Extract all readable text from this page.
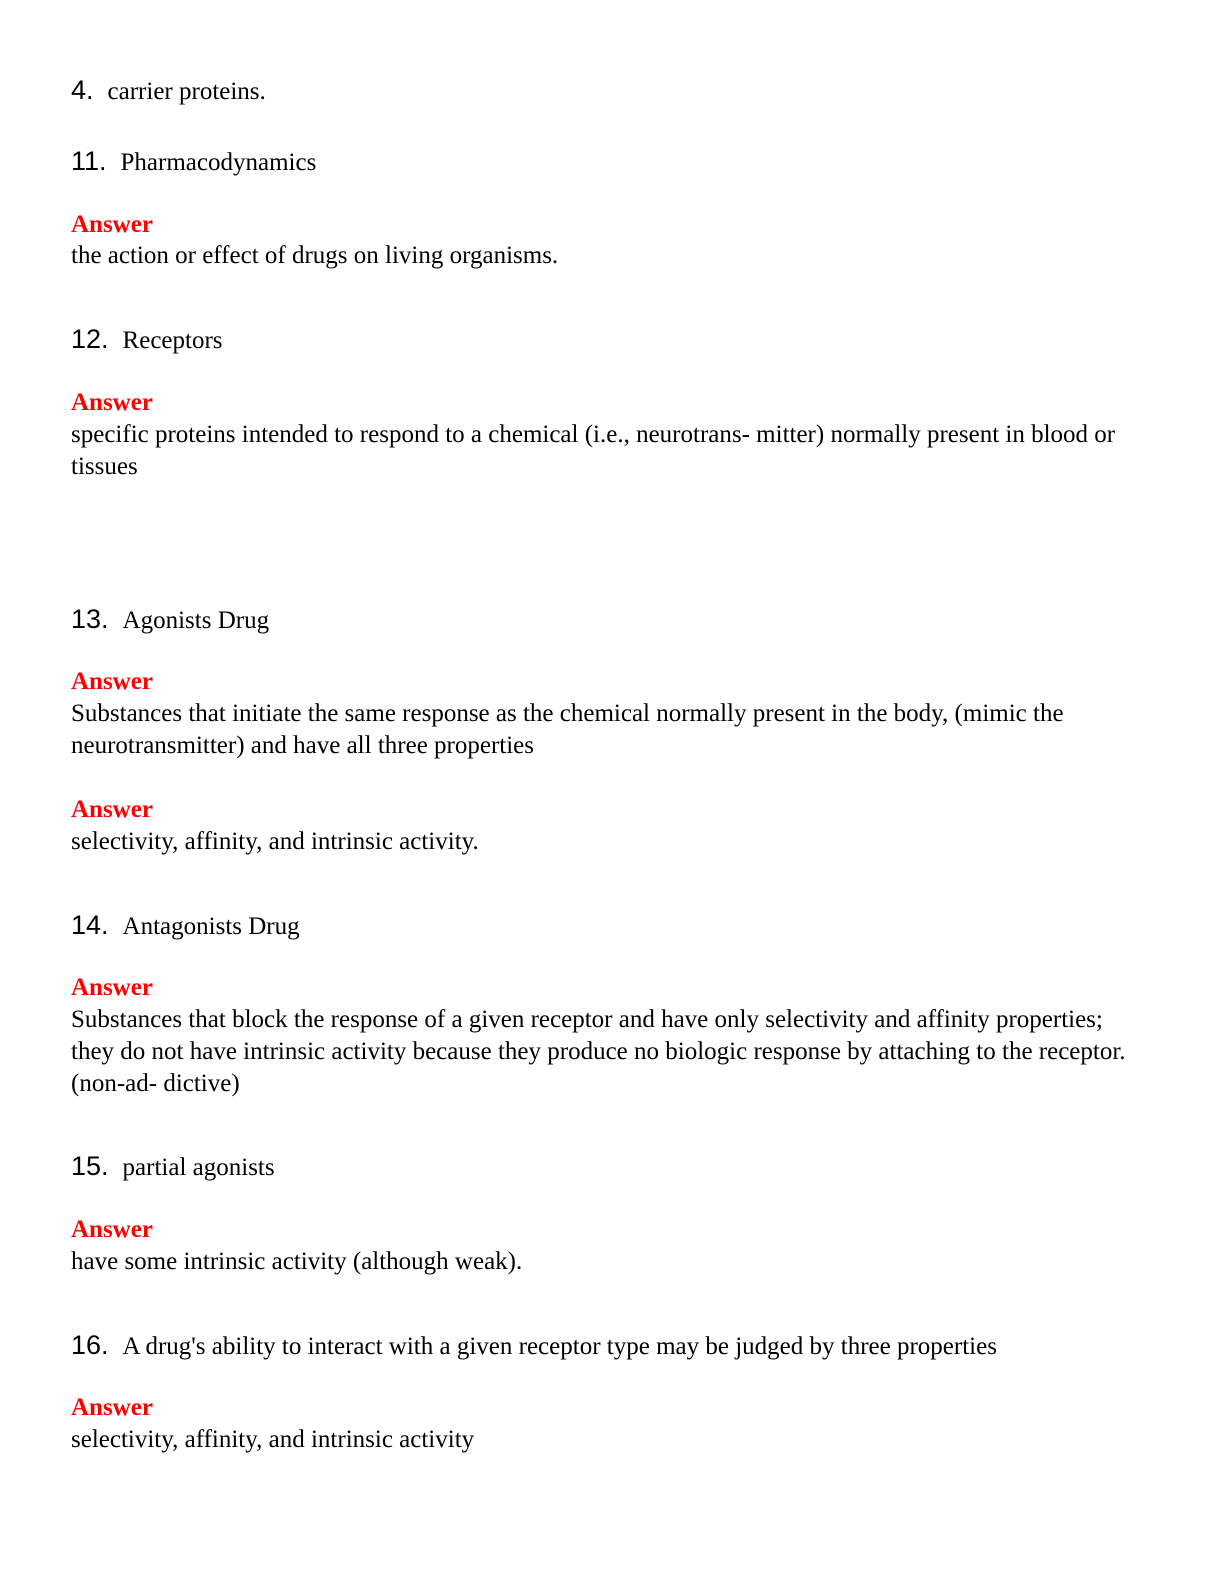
4. carrier proteins.
11. Pharmacodynamics
Answer
the action or effect of drugs on living organisms.
12. Receptors
Answer
specific proteins intended to respond to a chemical (i.e., neurotrans- mitter) normally present in blood or tissues
13. Agonists Drug
Answer
Substances that initiate the same response as the chemical normally present in the body, (mimic the neurotransmitter) and have all three properties
Answer
selectivity, affinity, and intrinsic activity.
14. Antagonists Drug
Answer
Substances that block the response of a given receptor and have only selectivity and affinity properties; they do not have intrinsic activity because they produce no biologic response by attaching to the receptor. (non-ad- dictive)
15. partial agonists
Answer
have some intrinsic activity (although weak).
16. A drug's ability to interact with a given receptor type may be judged by three properties
Answer
selectivity, affinity, and intrinsic activity
